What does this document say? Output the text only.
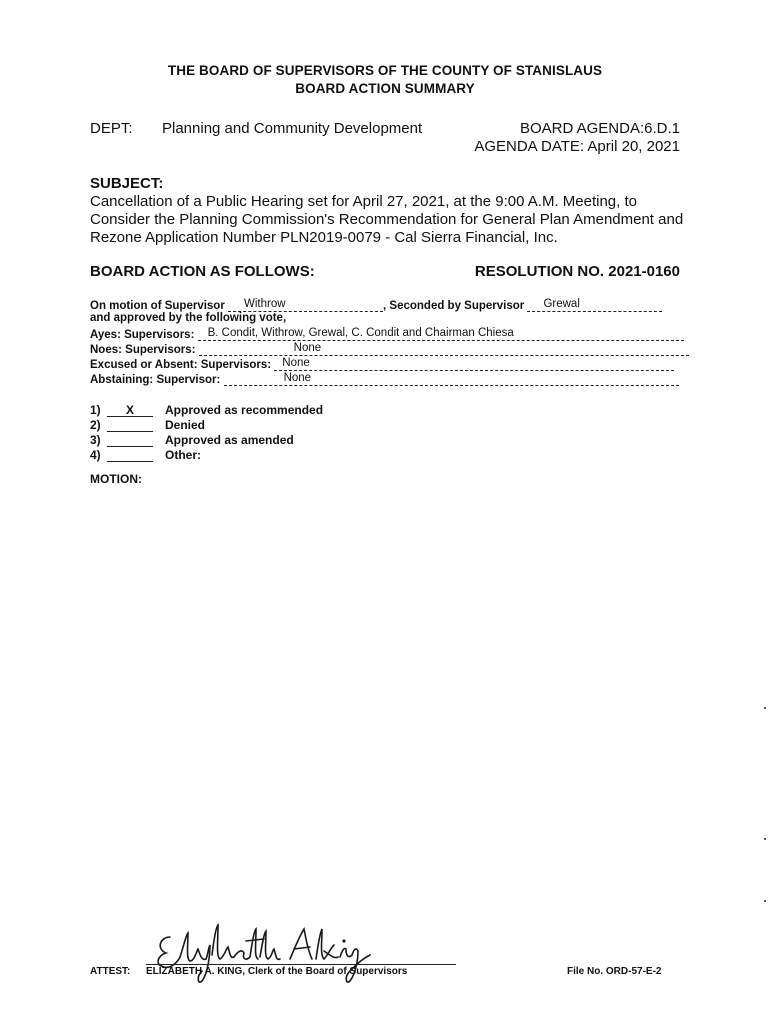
THE BOARD OF SUPERVISORS OF THE COUNTY OF STANISLAUS
BOARD ACTION SUMMARY
DEPT: Planning and Community Development	BOARD AGENDA:6.D.1
AGENDA DATE: April 20, 2021
SUBJECT:
Cancellation of a Public Hearing set for April 27, 2021, at the 9:00 A.M. Meeting, to Consider the Planning Commission's Recommendation for General Plan Amendment and Rezone Application Number PLN2019-0079 - Cal Sierra Financial, Inc.
BOARD ACTION AS FOLLOWS:	RESOLUTION NO. 2021-0160
On motion of Supervisor Withrow	, Seconded by Supervisor Grewal
and approved by the following vote,
Ayes: Supervisors: B. Condit, Withrow, Grewal, C. Condit and Chairman Chiesa
Noes: Supervisors:	None
Excused or Absent: Supervisors: None
Abstaining: Supervisor:	None
1) X	Approved as recommended
2)	Denied
3)	Approved as amended
4)	Other:
MOTION:
Elizabeth A King
ATTEST: ELIZABETH A. KING, Clerk of the Board of Supervisors	File No. ORD-57-E-2
